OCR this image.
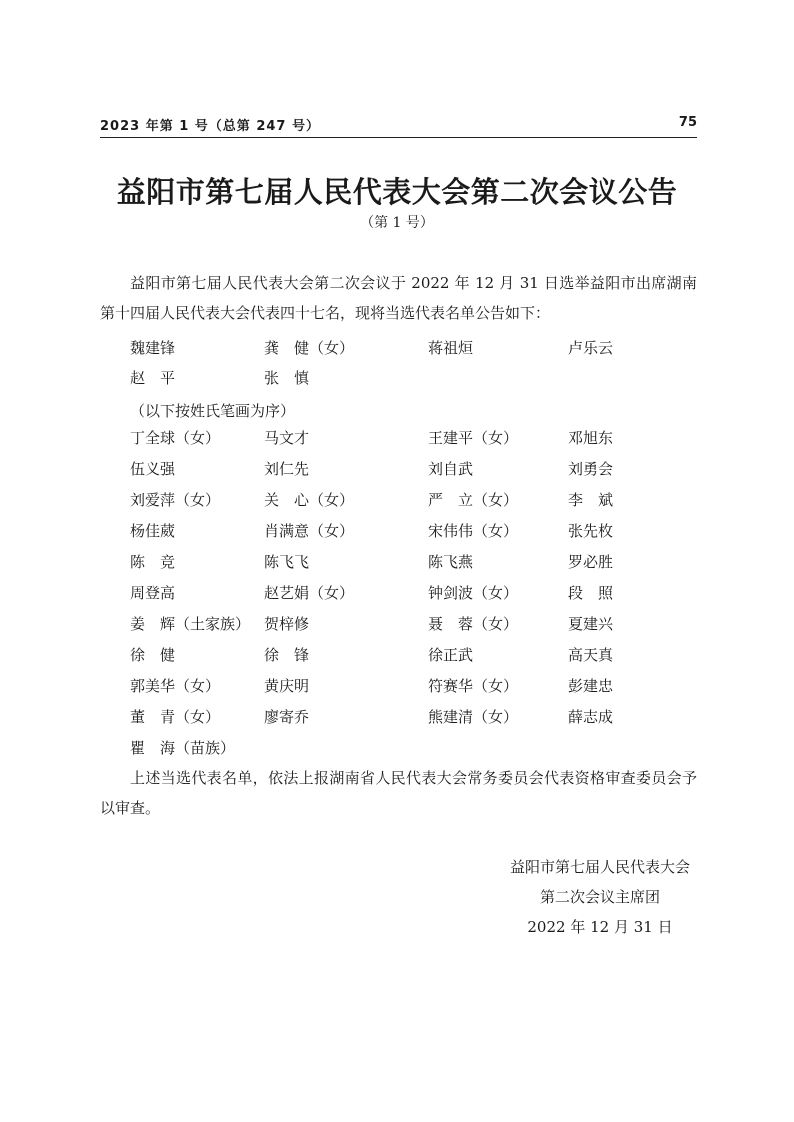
2023 年第 1 号（总第 247 号）	75
益阳市第七届人民代表大会第二次会议公告
（第 1 号）

益阳市第七届人民代表大会第二次会议于 2022 年 12 月 31 日选举益阳市出席湖南第十四届人民代表大会代表四十七名，现将当选代表名单公告如下：

魏建锋	龚　健（女）	蒋祖烜	卢乐云
赵　平	张　慎
（以下按姓氏笔画为序）
丁全球（女）	马文才	王建平（女）	邓旭东
伍义强	刘仁先	刘自武	刘勇会
刘爱萍（女）	关　心（女）	严　立（女）	李　斌
杨佳葳	肖满意（女）	宋伟伟（女）	张先枚
陈　竞	陈飞飞	陈飞燕	罗必胜
周登高	赵艺娟（女）	钟剑波（女）	段　照
姜　辉（土家族） 贺梓修	聂　蓉（女）	夏建兴
徐　健	徐　锋	徐正武	高天真
郭美华（女）	黄庆明	符赛华（女）	彭建忠
董　青（女）	廖寄乔	熊建清（女）	薛志成
瞿　海（苗族）

上述当选代表名单，依法上报湖南省人民代表大会常务委员会代表资格审查委员会予以审查。

益阳市第七届人民代表大会
第二次会议主席团
2022 年 12 月 31 日
